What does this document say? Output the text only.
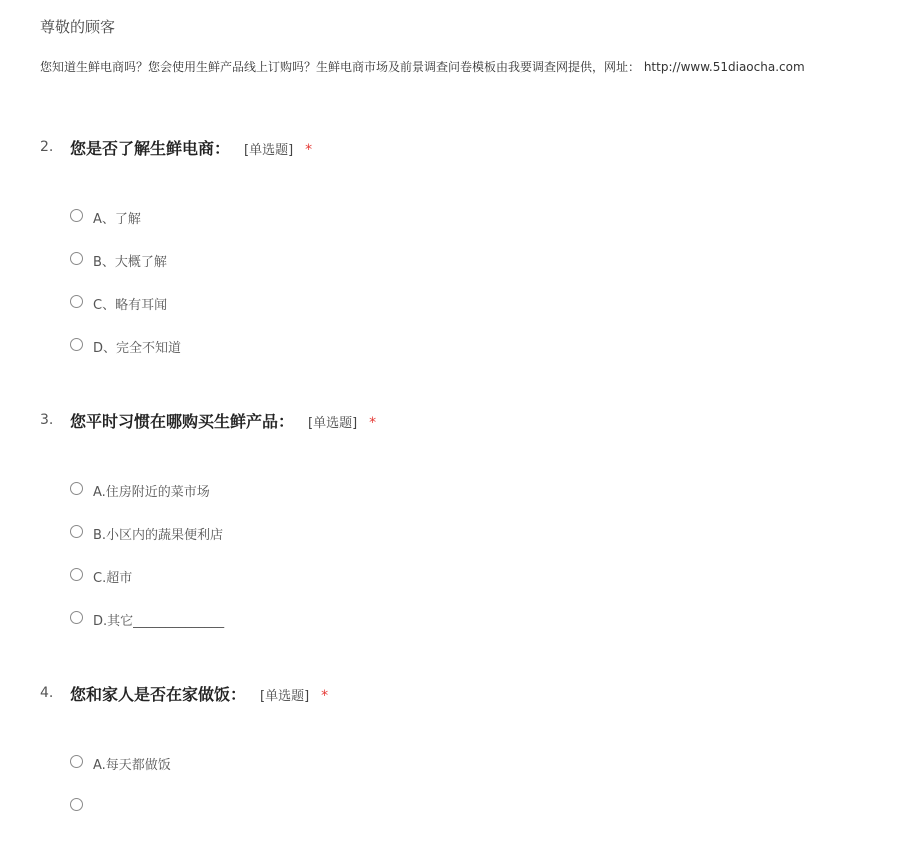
尊敬的顾客

您知道生鲜电商吗？您会使用生鲜产品线上订购吗？生鲜电商市场及前景调查问卷模板由我要调查网提供，网址： http://www.51diaocha.com

2. 您是否了解生鲜电商： [单选题] *
A、了解
B、大概了解
C、略有耳闻
D、完全不知道
3. 您平时习惯在哪购买生鲜产品： [单选题] *
A.住房附近的菜市场
B.小区内的蔬果便利店
C.超市
D.其它______________
4. 您和家人是否在家做饭： [单选题] *
A.每天都做饭
